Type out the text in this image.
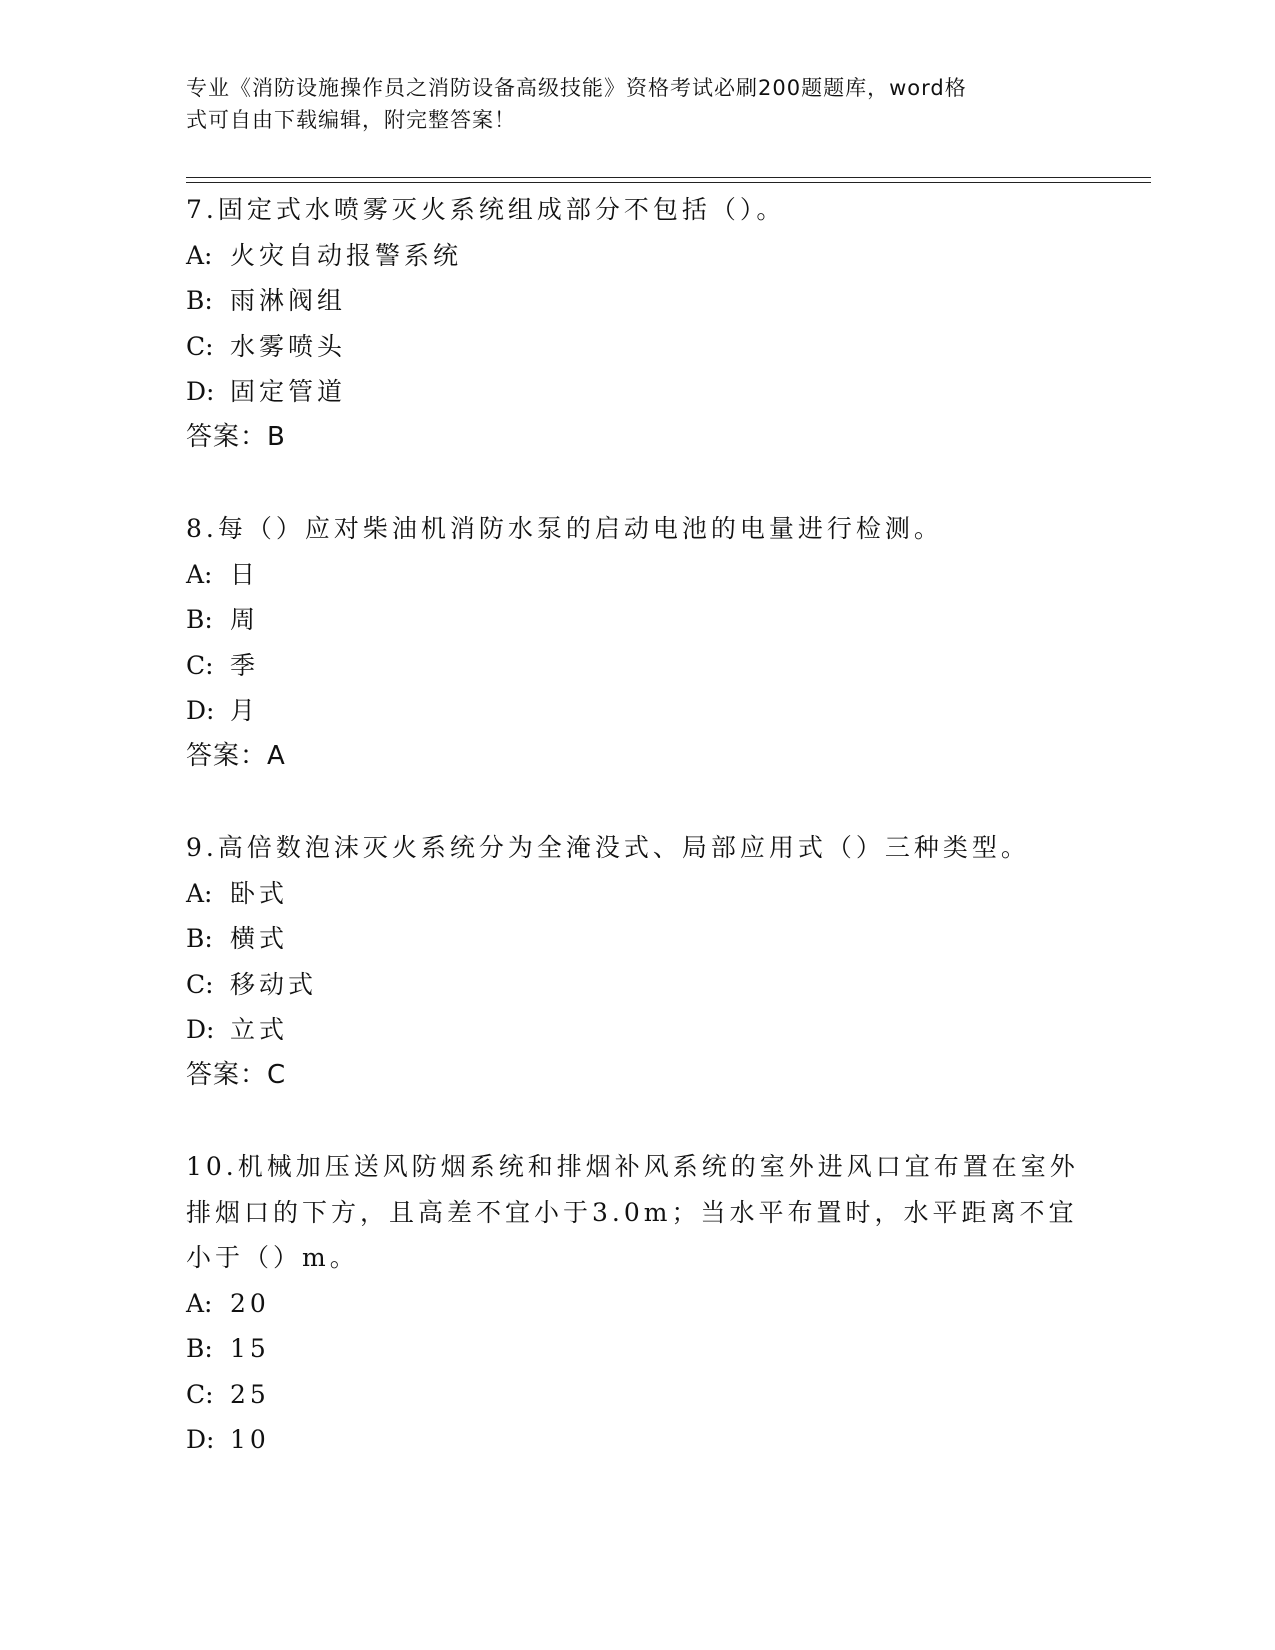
专业《消防设施操作员之消防设备高级技能》资格考试必刷200题题库，word格
式可自由下载编辑，附完整答案！
7.固定式水喷雾灭火系统组成部分不包括（）。
A: 火灾自动报警系统
B: 雨淋阀组
C: 水雾喷头
D: 固定管道
答案：B
8.每（）应对柴油机消防水泵的启动电池的电量进行检测。
A: 日
B: 周
C: 季
D: 月
答案：A
9.高倍数泡沫灭火系统分为全淹没式、局部应用式（）三种类型。
A: 卧式
B: 横式
C: 移动式
D: 立式
答案：C
10.机械加压送风防烟系统和排烟补风系统的室外进风口宜布置在室外
排烟口的下方，且高差不宜小于3.0m；当水平布置时，水平距离不宜
小于（）m。
A: 20
B: 15
C: 25
D: 10
